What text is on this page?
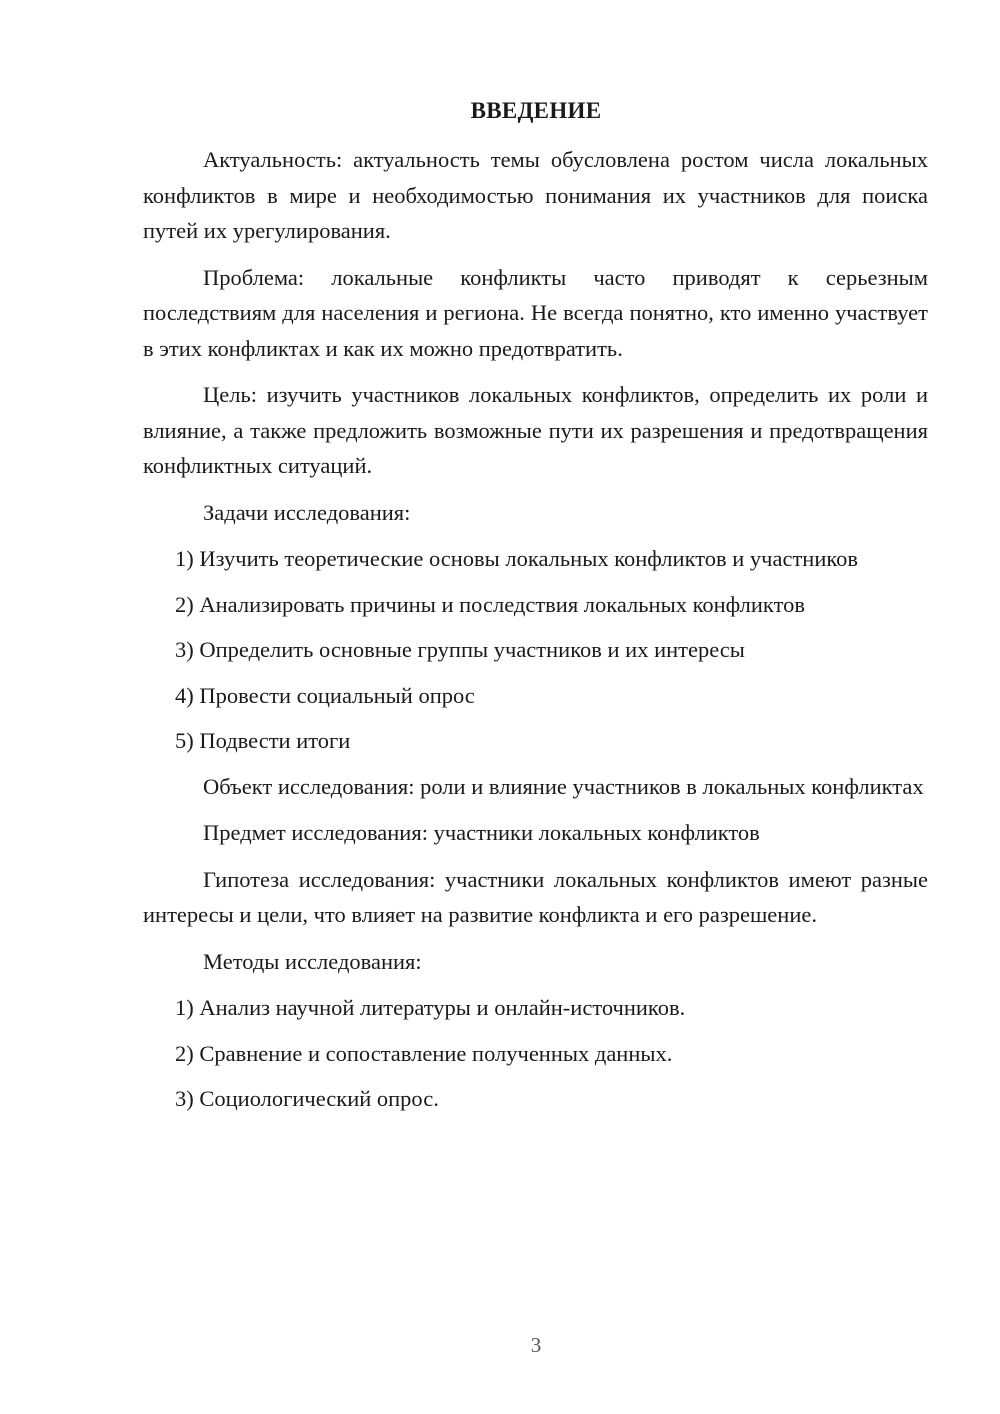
ВВЕДЕНИЕ

Актуальность: актуальность темы обусловлена ростом числа локальных конфликтов в мире и необходимостью понимания их участников для поиска путей их урегулирования.

Проблема: локальные конфликты часто приводят к серьезным последствиям для населения и региона. Не всегда понятно, кто именно участвует в этих конфликтах и как их можно предотвратить.

Цель: изучить участников локальных конфликтов, определить их роли и влияние, а также предложить возможные пути их разрешения и предотвращения конфликтных ситуаций.

Задачи исследования:

1) Изучить теоретические основы локальных конфликтов и участников

2) Анализировать причины и последствия локальных конфликтов

3) Определить основные группы участников и их интересы

4) Провести социальный опрос

5) Подвести итоги

Объект исследования: роли и влияние участников в локальных конфликтах

Предмет исследования: участники локальных конфликтов

Гипотеза исследования: участники локальных конфликтов имеют разные интересы и цели, что влияет на развитие конфликта и его разрешение.

Методы исследования:

1) Анализ научной литературы и онлайн-источников.

2) Сравнение и сопоставление полученных данных.

3) Социологический опрос.

3
